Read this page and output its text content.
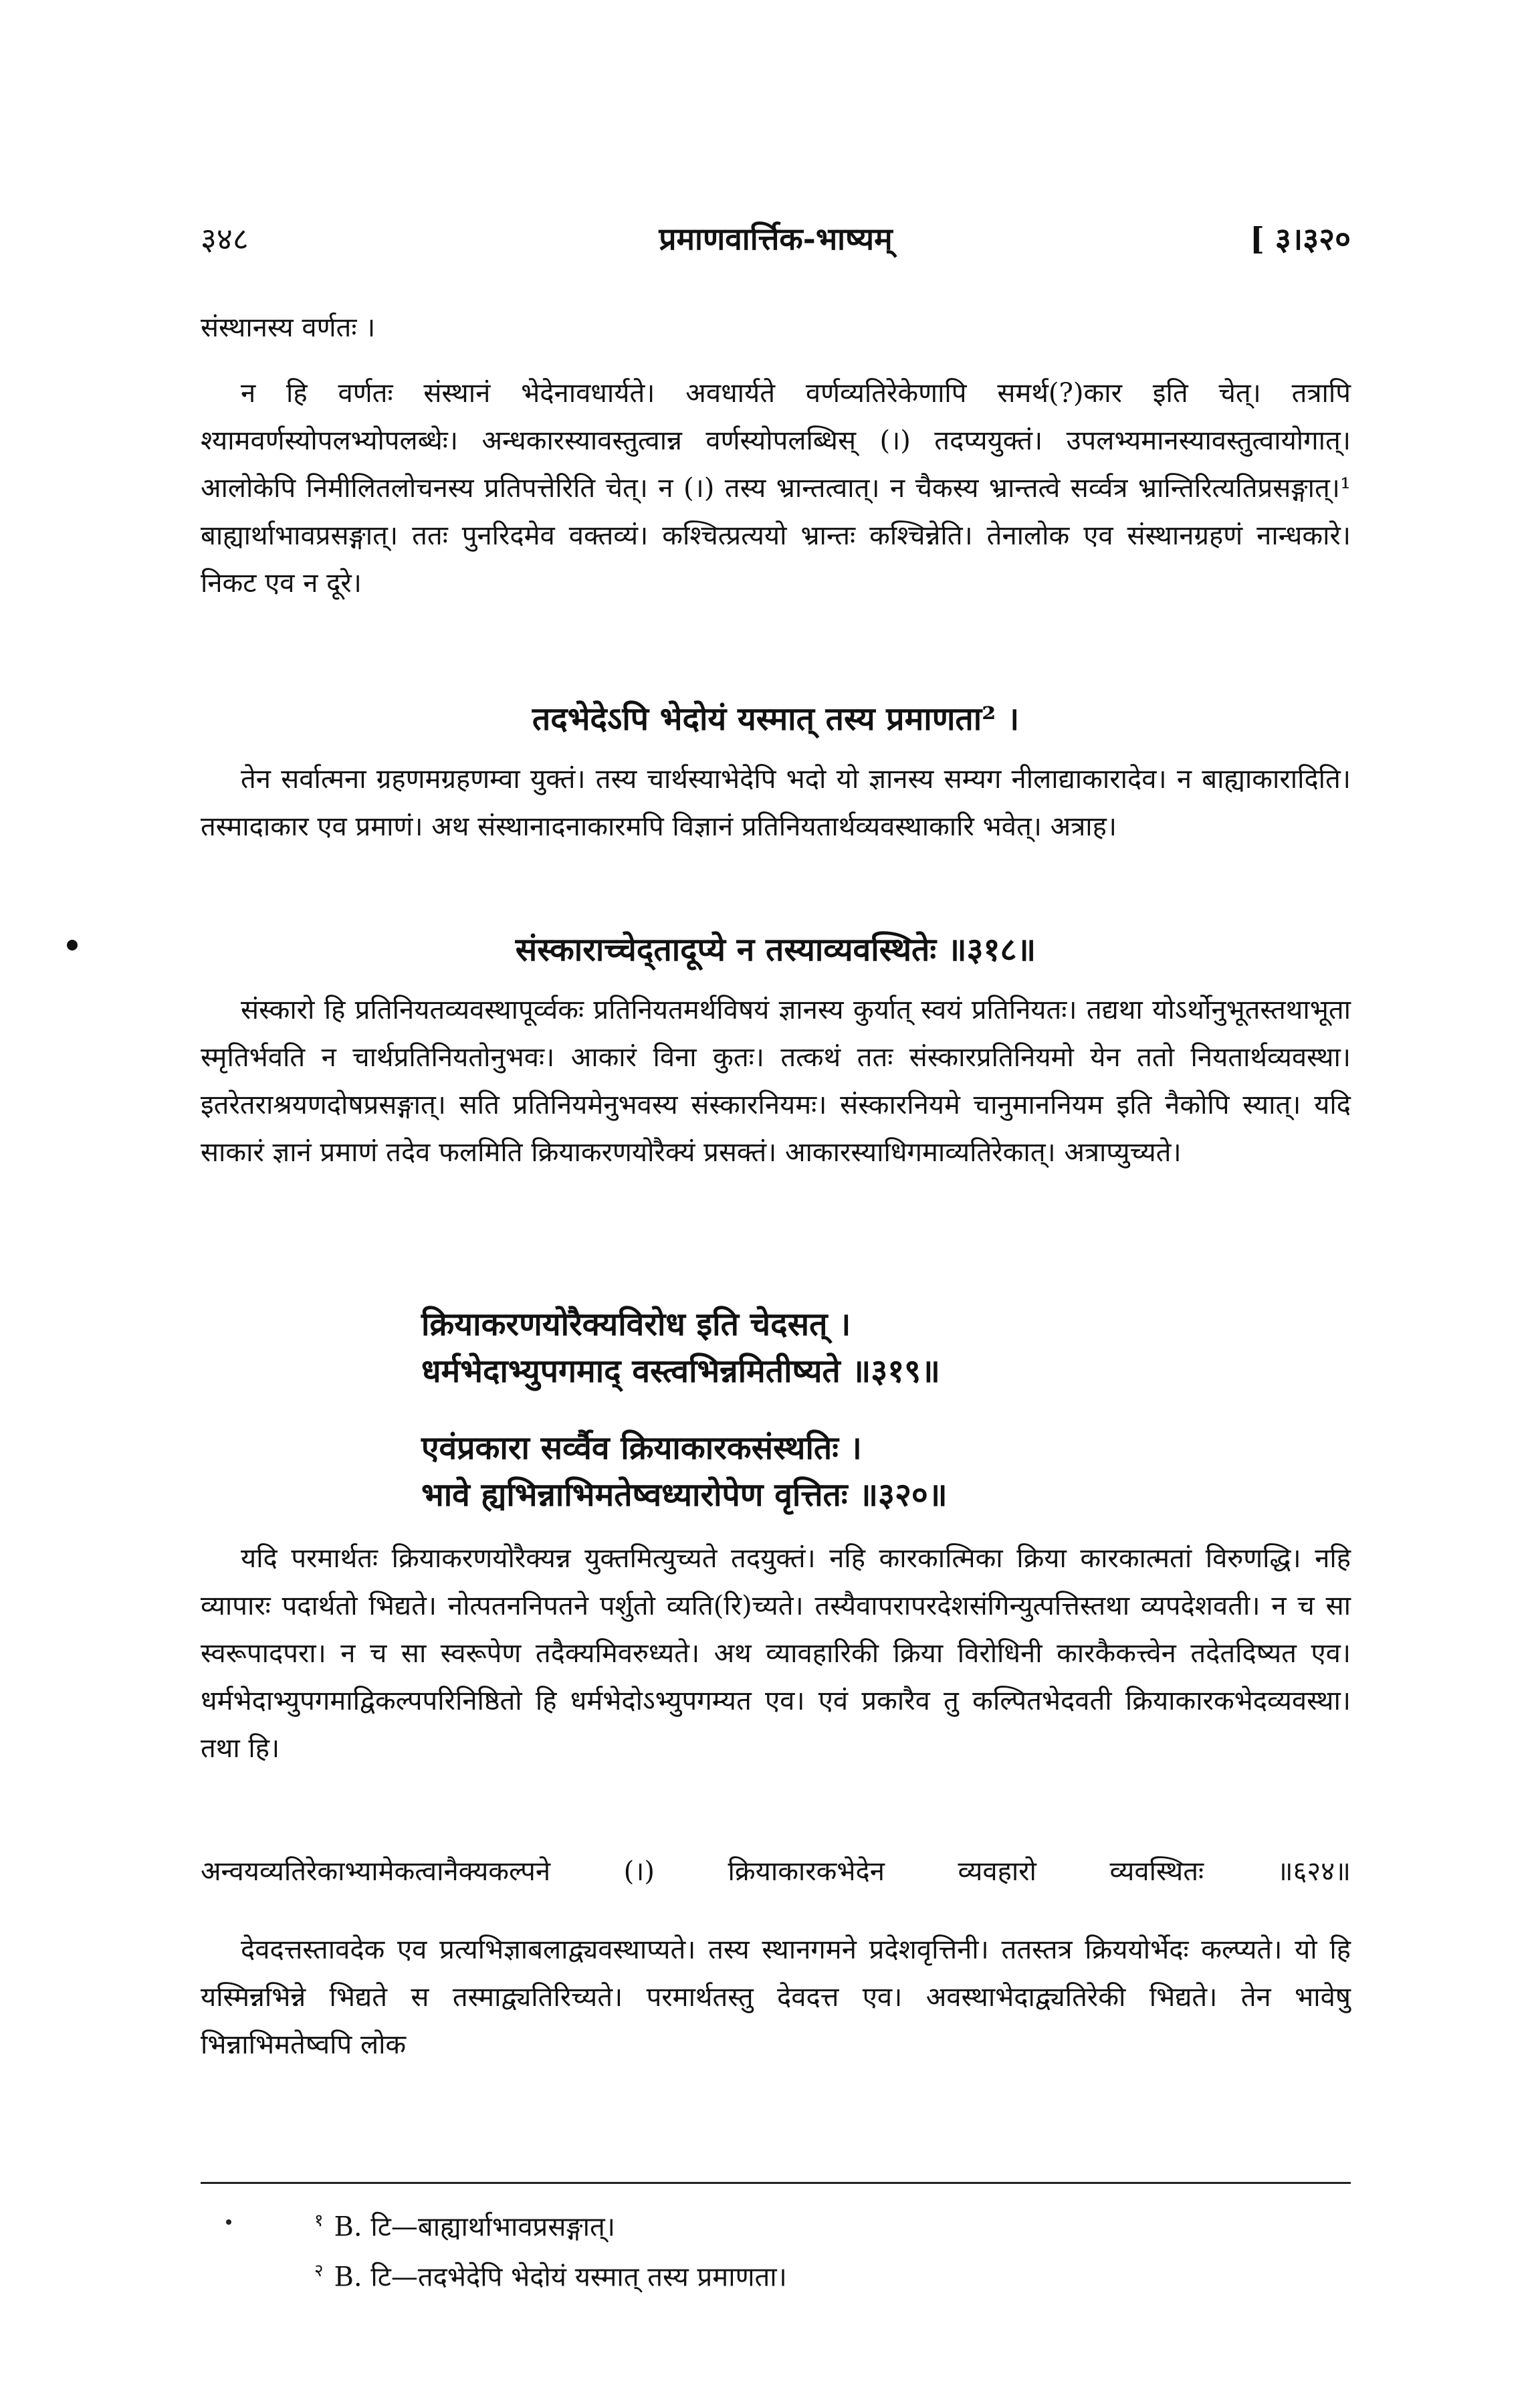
प्रमाणवार्त्तिक-भाष्यम्
३४८	[ ३।३२०

संस्थानस्य वर्णतः ।

न हि वर्णतः संस्थानं भेदेनावधार्यते। अवधार्यते वर्णव्यतिरेकेणापि समर्थ(?)कार इति चेत्। तत्रापि श्यामवर्णस्योपलभ्योपलब्धेः। अन्धकारस्यावस्तुत्वान्न वर्णस्योपलब्धिस् (।) तदप्ययुक्तं। उपलभ्यमानस्यावस्तुत्वायोगात्। आलोकेपि निमीलितलोचनस्य प्रतिपत्तेरिति चेत्। न (।) तस्य भ्रान्तत्वात्। न चैकस्य भ्रान्तत्वे सर्व्वत्र भ्रान्तिरित्यतिप्रसङ्गात्।¹ बाह्यार्थाभावप्रसङ्गात्। ततः पुनरिदमेव वक्तव्यं। कश्चित्प्रत्ययो भ्रान्तः कश्चिन्नेति। तेनालोक एव संस्थानग्रहणं नान्धकारे। निकट एव न दूरे।

तदभेदेऽपि भेदोयं यस्मात् तस्य प्रमाणता² ।

तेन सर्वात्मना ग्रहणमग्रहणम्वा युक्तं। तस्य चार्थस्याभेदेपि भदो यो ज्ञानस्य सम्यग नीलाद्याकारादेव। न बाह्याकारादिति। तस्मादाकार एव प्रमाणं। अथ संस्थानादनाकारमपि विज्ञानं प्रतिनियतार्थव्यवस्थाकारि भवेत्। अत्राह।

संस्काराच्चेद्तादूप्ये न तस्याव्यवस्थितेः ॥३१८॥

संस्कारो हि प्रतिनियतव्यवस्थापूर्व्वकः प्रतिनियतमर्थविषयं ज्ञानस्य कुर्यात् स्वयं प्रतिनियतः। तद्यथा योऽर्थोनुभूतस्तथाभूता स्मृतिर्भवति न चार्थप्रतिनियतोनुभवः। आकारं विना कुतः। तत्कथं ततः संस्कारप्रतिनियमो येन ततो नियतार्थव्यवस्था। इतरेतराश्रयणदोषप्रसङ्गात्। सति प्रतिनियमेनुभवस्य संस्कारनियमः। संस्कारनियमे चानुमाननियम इति नैकोपि स्यात्। यदि साकारं ज्ञानं प्रमाणं तदेव फलमिति क्रियाकरणयोरैक्यं प्रसक्तं। आकारस्याधिगमाव्यतिरेकात्। अत्राप्युच्यते।

क्रियाकरणयोरैक्यविरोध इति चेदसत् ।
धर्मभेदाभ्युपगमाद् वस्त्वभिन्नमितीष्यते ॥३१९॥
एवंप्रकारा सर्व्वैव क्रियाकारकसंस्थतिः ।
भावे ह्यभिन्नाभिमतेष्वध्यारोपेण वृत्तितः ॥३२०॥

यदि परमार्थतः क्रियाकरणयोरैक्यन्न युक्तमित्युच्यते तदयुक्तं। नहि कारकात्मिका क्रिया कारकात्मतां विरुणद्धि। नहि व्यापारः पदार्थतो भिद्यते। नोत्पतननिपतने पर्शुतो व्यति(रि)च्यते। तस्यैवापरापरदेशसंगिन्युत्पत्तिस्तथा व्यपदेशवती। न च सा स्वरूपादपरा। न च सा स्वरूपेण तदैक्यमिवरुध्यते। अथ व्यावहारिकी क्रिया विरोधिनी कारकैकत्त्वेन तदेतदिष्यत एव। धर्मभेदाभ्युपगमाद्विकल्पपरिनिष्ठितो हि धर्मभेदोऽभ्युपगम्यत एव। एवं प्रकारैव तु कल्पितभेदवती क्रियाकारकभेदव्यवस्था। तथा हि।

अन्वयव्यतिरेकाभ्यामेकत्वानैक्यकल्पने (।) क्रियाकारकभेदेन व्यवहारो व्यवस्थितः ॥६२४॥

देवदत्तस्तावदेक एव प्रत्यभिज्ञाबलाद्व्यवस्थाप्यते। तस्य स्थानगमने प्रदेशवृत्तिनी। ततस्तत्र क्रिययोर्भेदः कल्प्यते। यो हि यस्मिन्नभिन्ने भिद्यते स तस्माद्व्यतिरिच्यते। परमार्थतस्तु देवदत्त एव। अवस्थाभेदाद्व्यतिरेकी भिद्यते। तेन भावेषु भिन्नाभिमतेष्वपि लोक

$^१$ B. टि—बाह्यार्थाभावप्रसङ्गात्।
$^२$ B. टि—तदभेदेपि भेदोयं यस्मात् तस्य प्रमाणता।
